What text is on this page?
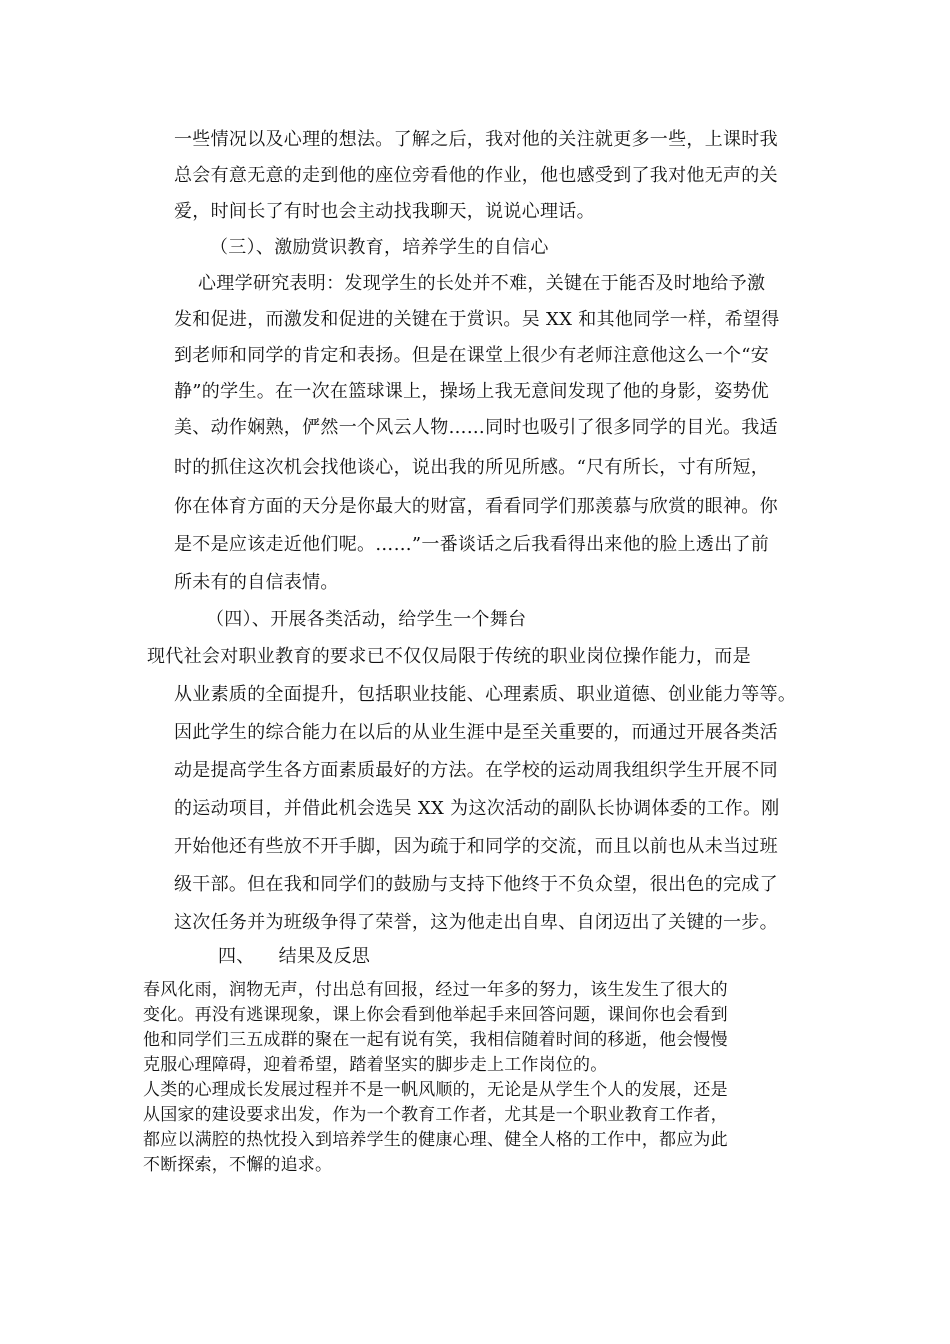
一些情况以及心理的想法。了解之后，我对他的关注就更多一些，上课时我
总会有意无意的走到他的座位旁看他的作业，他也感受到了我对他无声的关
爱，时间长了有时也会主动找我聊天，说说心理话。
（三）、激励赏识教育，培养学生的自信心
心理学研究表明：发现学生的长处并不难，关键在于能否及时地给予激
发和促进，而激发和促进的关键在于赏识。吴 XX 和其他同学一样，希望得
到老师和同学的肯定和表扬。但是在课堂上很少有老师注意他这么一个“安
静”的学生。在一次在篮球课上，操场上我无意间发现了他的身影，姿势优
美、动作娴熟，俨然一个风云人物……同时也吸引了很多同学的目光。我适
时的抓住这次机会找他谈心，说出我的所见所感。“尺有所长，寸有所短，
你在体育方面的天分是你最大的财富，看看同学们那羡慕与欣赏的眼神。你
是不是应该走近他们呢。……”一番谈话之后我看得出来他的脸上透出了前
所未有的自信表情。
（四）、开展各类活动，给学生一个舞台
现代社会对职业教育的要求已不仅仅局限于传统的职业岗位操作能力，而是
从业素质的全面提升，包括职业技能、心理素质、职业道德、创业能力等等。
因此学生的综合能力在以后的从业生涯中是至关重要的，而通过开展各类活
动是提高学生各方面素质最好的方法。在学校的运动周我组织学生开展不同
的运动项目，并借此机会选吴 XX 为这次活动的副队长协调体委的工作。刚
开始他还有些放不开手脚，因为疏于和同学的交流，而且以前也从未当过班
级干部。但在我和同学们的鼓励与支持下他终于不负众望，很出色的完成了
这次任务并为班级争得了荣誉，这为他走出自卑、自闭迈出了关键的一步。
四、    结果及反思
春风化雨，润物无声，付出总有回报，经过一年多的努力，该生发生了很大的
变化。再没有逃课现象，课上你会看到他举起手来回答问题，课间你也会看到
他和同学们三五成群的聚在一起有说有笑，我相信随着时间的移逝，他会慢慢
克服心理障碍，迎着希望，踏着坚实的脚步走上工作岗位的。
人类的心理成长发展过程并不是一帆风顺的，无论是从学生个人的发展，还是
从国家的建设要求出发，作为一个教育工作者，尤其是一个职业教育工作者，
都应以满腔的热忱投入到培养学生的健康心理、健全人格的工作中，都应为此
不断探索，不懈的追求。
